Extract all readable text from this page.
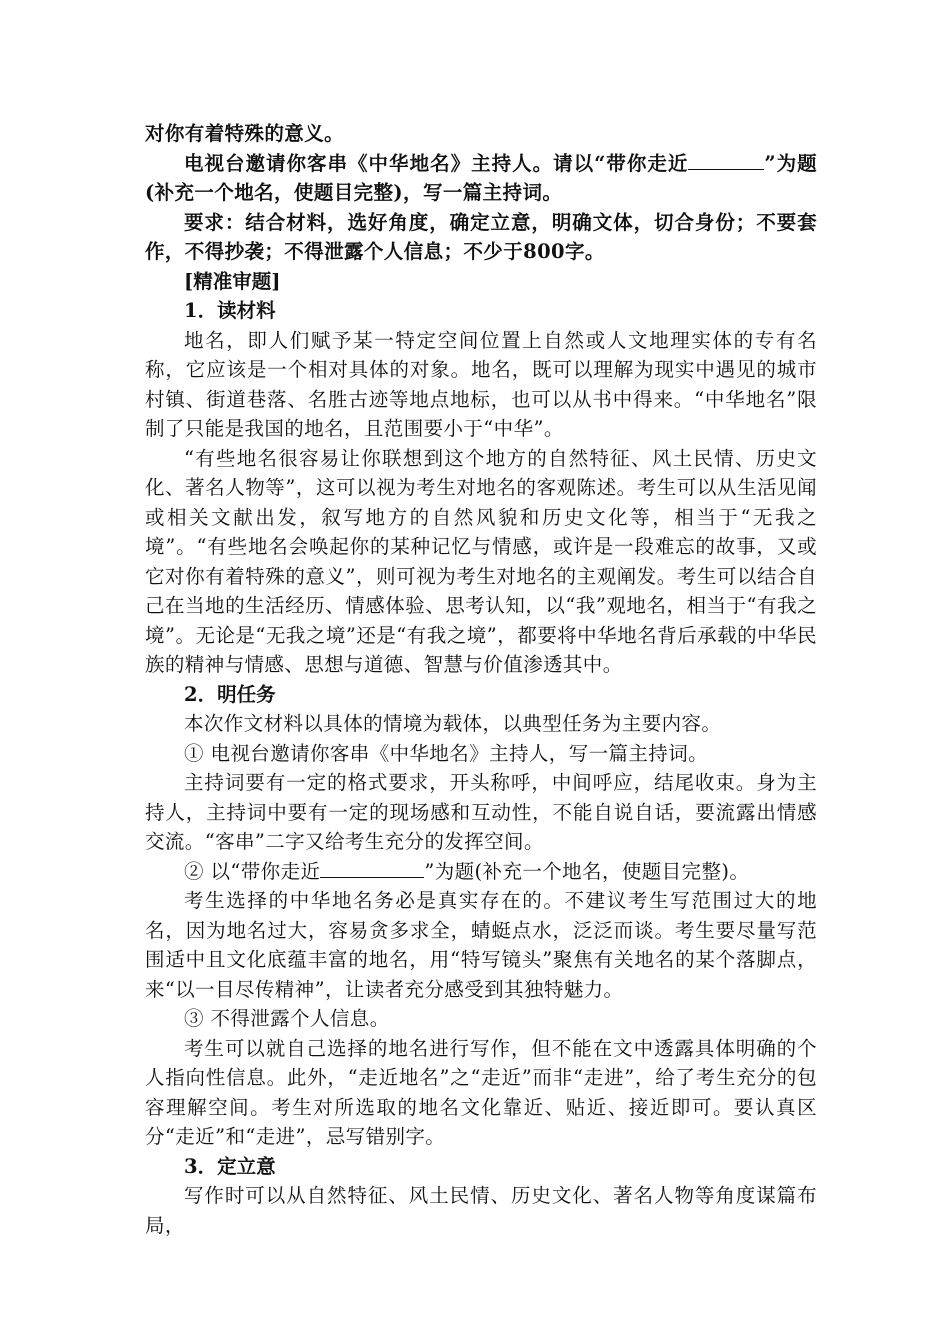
对你有着特殊的意义。

电视台邀请你客串《中华地名》主持人。请以“带你走近	”为题(补充一个地名，使题目完整)，写一篇主持词。

要求：结合材料，选好角度，确定立意，明确文体，切合身份；不要套作，不得抄袭；不得泄露个人信息；不少于800字。

[精准审题]

1．读材料

地名，即人们赋予某一特定空间位置上自然或人文地理实体的专有名称，它应该是一个相对具体的对象。地名，既可以理解为现实中遇见的城市村镇、街道巷落、名胜古迹等地点地标，也可以从书中得来。“中华地名”限制了只能是我国的地名，且范围要小于“中华”。

“有些地名很容易让你联想到这个地方的自然特征、风土民情、历史文化、著名人物等”，这可以视为考生对地名的客观陈述。考生可以从生活见闻或相关文献出发，叙写地方的自然风貌和历史文化等，相当于“无我之境”。“有些地名会唤起你的某种记忆与情感，或许是一段难忘的故事，又或它对你有着特殊的意义”，则可视为考生对地名的主观阐发。考生可以结合自己在当地的生活经历、情感体验、思考认知，以“我”观地名，相当于“有我之境”。无论是“无我之境”还是“有我之境”，都要将中华地名背后承载的中华民族的精神与情感、思想与道德、智慧与价值渗透其中。

2．明任务

本次作文材料以具体的情境为载体，以典型任务为主要内容。

① 电视台邀请你客串《中华地名》主持人，写一篇主持词。

主持词要有一定的格式要求，开头称呼，中间呼应，结尾收束。身为主持人，主持词中要有一定的现场感和互动性，不能自说自话，要流露出情感交流。“客串”二字又给考生充分的发挥空间。

② 以“带你走近	”为题(补充一个地名，使题目完整)。

考生选择的中华地名务必是真实存在的。不建议考生写范围过大的地名，因为地名过大，容易贪多求全，蜻蜓点水，泛泛而谈。考生要尽量写范围适中且文化底蕴丰富的地名，用“特写镜头”聚焦有关地名的某个落脚点，来“以一目尽传精神”，让读者充分感受到其独特魅力。

③ 不得泄露个人信息。

考生可以就自己选择的地名进行写作，但不能在文中透露具体明确的个人指向性信息。此外，“走近地名”之“走近”而非“走进”，给了考生充分的包容理解空间。考生对所选取的地名文化靠近、贴近、接近即可。要认真区分“走近”和“走进”，忌写错别字。

3．定立意

写作时可以从自然特征、风土民情、历史文化、著名人物等角度谋篇布局，
